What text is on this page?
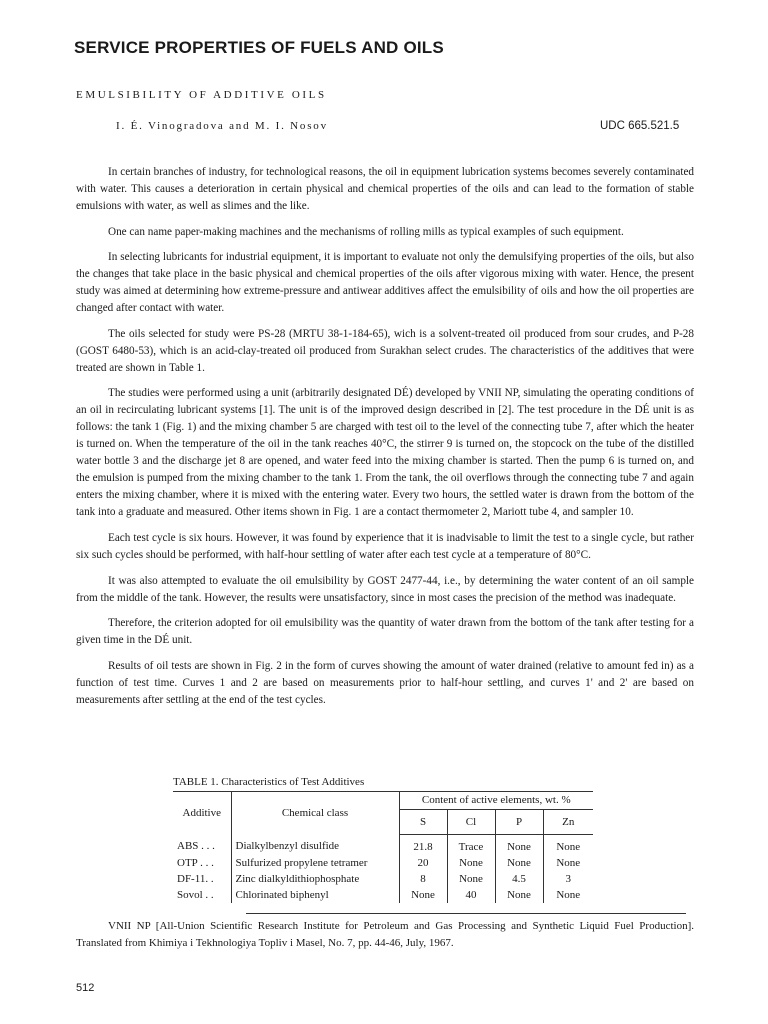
SERVICE PROPERTIES OF FUELS AND OILS
EMULSIBILITY OF ADDITIVE OILS
I. É. Vinogradova and M. I. Nosov	UDC 665.521.5

In certain branches of industry, for technological reasons, the oil in equipment lubrication systems becomes severely contaminated with water. This causes a deterioration in certain physical and chemical properties of the oils and can lead to the formation of stable emulsions with water, as well as slimes and the like.

One can name paper-making machines and the mechanisms of rolling mills as typical examples of such equipment.

In selecting lubricants for industrial equipment, it is important to evaluate not only the demulsifying properties of the oils, but also the changes that take place in the basic physical and chemical properties of the oils after vigorous mixing with water. Hence, the present study was aimed at determining how extreme-pressure and antiwear additives affect the emulsibility of oils and how the oil properties are changed after contact with water.

The oils selected for study were PS-28 (MRTU 38-1-184-65), wich is a solvent-treated oil produced from sour crudes, and P-28 (GOST 6480-53), which is an acid-clay-treated oil produced from Surakhan select crudes. The characteristics of the additives that were treated are shown in Table 1.

The studies were performed using a unit (arbitrarily designated DÉ) developed by VNII NP, simulating the operating conditions of an oil in recirculating lubricant systems [1]. The unit is of the improved design described in [2]. The test procedure in the DÉ unit is as follows: the tank 1 (Fig. 1) and the mixing chamber 5 are charged with test oil to the level of the connecting tube 7, after which the heater is turned on. When the temperature of the oil in the tank reaches 40°C, the stirrer 9 is turned on, the stopcock on the tube of the distilled water bottle 3 and the discharge jet 8 are opened, and water feed into the mixing chamber is started. Then the pump 6 is turned on, and the emulsion is pumped from the mixing chamber to the tank 1. From the tank, the oil overflows through the connecting tube 7 and again enters the mixing chamber, where it is mixed with the entering water. Every two hours, the settled water is drawn from the bottom of the tank into a graduate and measured. Other items shown in Fig. 1 are a contact thermometer 2, Mariott tube 4, and sampler 10.

Each test cycle is six hours. However, it was found by experience that it is inadvisable to limit the test to a single cycle, but rather six such cycles should be performed, with half-hour settling of water after each test cycle at a temperature of 80°C.

It was also attempted to evaluate the oil emulsibility by GOST 2477-44, i.e., by determining the water content of an oil sample from the middle of the tank. However, the results were unsatisfactory, since in most cases the precision of the method was inadequate.

Therefore, the criterion adopted for oil emulsibility was the quantity of water drawn from the bottom of the tank after testing for a given time in the DÉ unit.

Results of oil tests are shown in Fig. 2 in the form of curves showing the amount of water drained (relative to amount fed in) as a function of test time. Curves 1 and 2 are based on measurements prior to half-hour settling, and curves 1' and 2' are based on measurements after settling at the end of the test cycles.

TABLE 1. Characteristics of Test Additives
Additive	Chemical class	Content of active elements, wt. %			
		S	Cl	P	Zn
ABS . . .	Dialkylbenzyl disulfide	21.8	Trace	None	None
OTP . . .	Sulfurized propylene tetramer	20	None	None	None
DF-11. .	Zinc dialkyldithiophosphate	8	None	4.5	3
Sovol . .	Chlorinated biphenyl	None	40	None	None
VNII NP [All-Union Scientific Research Institute for Petroleum and Gas Processing and Synthetic Liquid Fuel Production]. Translated from Khimiya i Tekhnologiya Topliv i Masel, No. 7, pp. 44-46, July, 1967.
512
